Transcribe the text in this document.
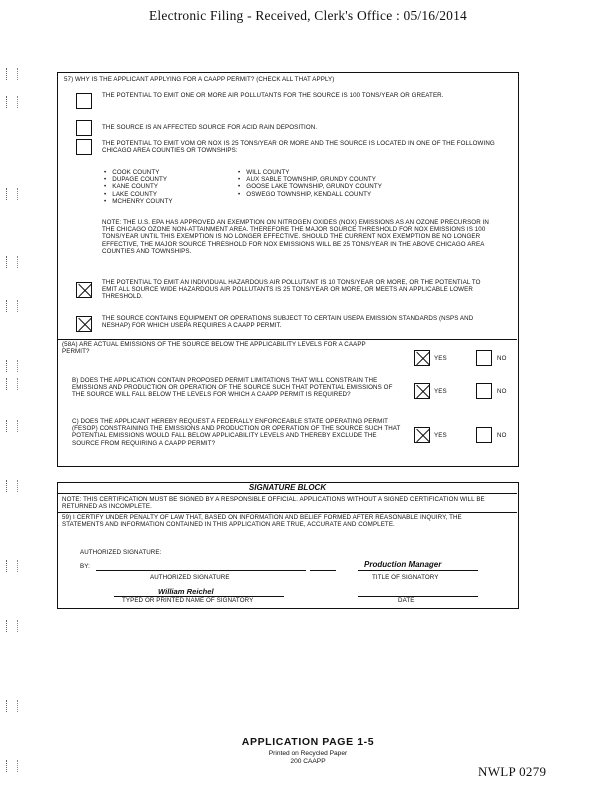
Electronic Filing - Received, Clerk's Office : 05/16/2014
57) WHY IS THE APPLICANT APPLYING FOR A CAAPP PERMIT? (CHECK ALL THAT APPLY)
THE POTENTIAL TO EMIT ONE OR MORE AIR POLLUTANTS FOR THE SOURCE IS 100 TONS/YEAR OR GREATER.
THE SOURCE IS AN AFFECTED SOURCE FOR ACID RAIN DEPOSITION.
THE POTENTIAL TO EMIT VOM OR NOX IS 25 TONS/YEAR OR MORE AND THE SOURCE IS LOCATED IN ONE OF THE FOLLOWING CHICAGO AREA COUNTIES OR TOWNSHIPS:
• COOK COUNTY
• DUPAGE COUNTY
• KANE COUNTY
• LAKE COUNTY
• MCHENRY COUNTY
• WILL COUNTY
• AUX SABLE TOWNSHIP, GRUNDY COUNTY
• GOOSE LAKE TOWNSHIP, GRUNDY COUNTY
• OSWEGO TOWNSHIP, KENDALL COUNTY
NOTE: THE U.S. EPA HAS APPROVED AN EXEMPTION ON NITROGEN OXIDES (NOX) EMISSIONS AS AN OZONE PRECURSOR IN THE CHICAGO OZONE NON-ATTAINMENT AREA. THEREFORE THE MAJOR SOURCE THRESHOLD FOR NOX EMISSIONS IS 100 TONS/YEAR UNTIL THIS EXEMPTION IS NO LONGER EFFECTIVE. SHOULD THE CURRENT NOX EXEMPTION BE NO LONGER EFFECTIVE, THE MAJOR SOURCE THRESHOLD FOR NOX EMISSIONS WILL BE 25 TONS/YEAR IN THE ABOVE CHICAGO AREA COUNTIES AND TOWNSHIPS.
THE POTENTIAL TO EMIT AN INDIVIDUAL HAZARDOUS AIR POLLUTANT IS 10 TONS/YEAR OR MORE, OR THE POTENTIAL TO EMIT ALL SOURCE WIDE HAZARDOUS AIR POLLUTANTS IS 25 TONS/YEAR OR MORE, OR MEETS AN APPLICABLE LOWER THRESHOLD.
THE SOURCE CONTAINS EQUIPMENT OR OPERATIONS SUBJECT TO CERTAIN USEPA EMISSION STANDARDS (NSPS AND NESHAP) FOR WHICH USEPA REQUIRES A CAAPP PERMIT.
(58A) ARE ACTUAL EMISSIONS OF THE SOURCE BELOW THE APPLICABILITY LEVELS FOR A CAAPP PERMIT?
YES	NO
B) DOES THE APPLICATION CONTAIN PROPOSED PERMIT LIMITATIONS THAT WILL CONSTRAIN THE EMISSIONS AND PRODUCTION OR OPERATION OF THE SOURCE SUCH THAT POTENTIAL EMISSIONS OF THE SOURCE WILL FALL BELOW THE LEVELS FOR WHICH A CAAPP PERMIT IS REQUIRED?	YES	NO
C) DOES THE APPLICANT HEREBY REQUEST A FEDERALLY ENFORCEABLE STATE OPERATING PERMIT (FESOP) CONSTRAINING THE EMISSIONS AND PRODUCTION OR OPERATION OF THE SOURCE SUCH THAT POTENTIAL EMISSIONS WOULD FALL BELOW APPLICABILITY LEVELS AND THEREBY EXCLUDE THE SOURCE FROM REQUIRING A CAAPP PERMIT?
YES	NO
SIGNATURE BLOCK
NOTE: THIS CERTIFICATION MUST BE SIGNED BY A RESPONSIBLE OFFICIAL. APPLICATIONS WITHOUT A SIGNED CERTIFICATION WILL BE RETURNED AS INCOMPLETE.
59) I CERTIFY UNDER PENALTY OF LAW THAT, BASED ON INFORMATION AND BELIEF FORMED AFTER REASONABLE INQUIRY, THE STATEMENTS AND INFORMATION CONTAINED IN THIS APPLICATION ARE TRUE, ACCURATE AND COMPLETE.
AUTHORIZED SIGNATURE:
BY:
AUTHORIZED SIGNATURE
Production Manager
TITLE OF SIGNATORY
William Reichel
TYPED OR PRINTED NAME OF SIGNATORY	DATE
APPLICATION PAGE 1-5
Printed on Recycled Paper
200 CAAPP
NWLP 0279
